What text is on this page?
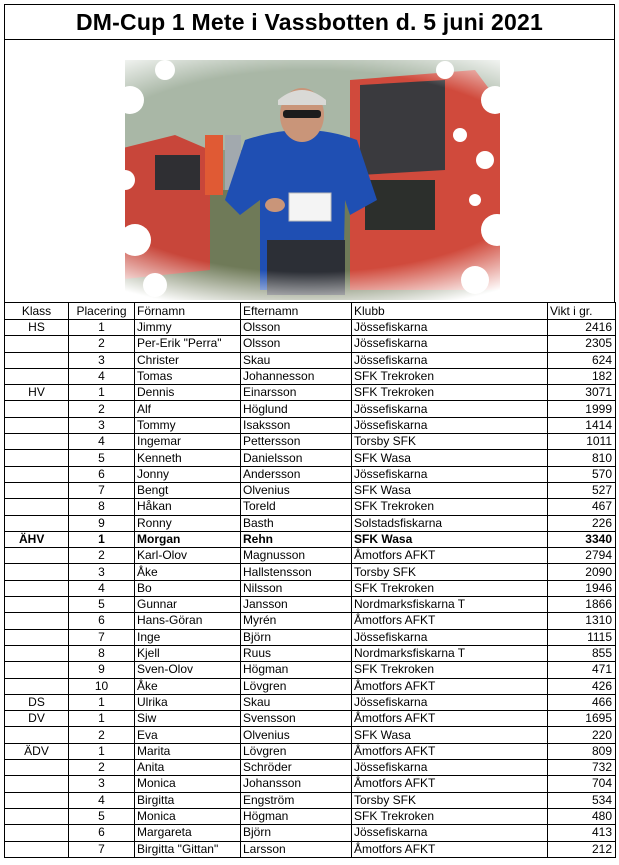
DM-Cup 1 Mete i Vassbotten d. 5 juni 2021
Klass	Placering	Förnamn	Efternamn	Klubb	Vikt i gr.
HS	1	Jimmy	Olsson	Jössefiskarna	2416
	2	Per-Erik "Perra"	Olsson	Jössefiskarna	2305
	3	Christer	Skau	Jössefiskarna	624
	4	Tomas	Johannesson	SFK Trekroken	182
HV	1	Dennis	Einarsson	SFK Trekroken	3071
	2	Alf	Höglund	Jössefiskarna	1999
	3	Tommy	Isaksson	Jössefiskarna	1414
	4	Ingemar	Pettersson	Torsby SFK	1011
	5	Kenneth	Danielsson	SFK Wasa	810
	6	Jonny	Andersson	Jössefiskarna	570
	7	Bengt	Olvenius	SFK Wasa	527
	8	Håkan	Toreld	SFK Trekroken	467
	9	Ronny	Basth	Solstadsfiskarna	226
ÄHV	1	Morgan	Rehn	SFK Wasa	3340
	2	Karl-Olov	Magnusson	Åmotfors AFKT	2794
	3	Åke	Hallstensson	Torsby SFK	2090
	4	Bo	Nilsson	SFK Trekroken	1946
	5	Gunnar	Jansson	Nordmarksfiskarna T	1866
	6	Hans-Göran	Myrén	Åmotfors AFKT	1310
	7	Inge	Björn	Jössefiskarna	1115
	8	Kjell	Ruus	Nordmarksfiskarna T	855
	9	Sven-Olov	Högman	SFK Trekroken	471
	10	Åke	Lövgren	Åmotfors AFKT	426
DS	1	Ulrika	Skau	Jössefiskarna	466
DV	1	Siw	Svensson	Åmotfors AFKT	1695
	2	Eva	Olvenius	SFK Wasa	220
ÄDV	1	Marita	Lövgren	Åmotfors AFKT	809
	2	Anita	Schröder	Jössefiskarna	732
	3	Monica	Johansson	Åmotfors AFKT	704
	4	Birgitta	Engström	Torsby SFK	534
	5	Monica	Högman	SFK Trekroken	480
	6	Margareta	Björn	Jössefiskarna	413
	7	Birgitta "Gittan"	Larsson	Åmotfors AFKT	212
